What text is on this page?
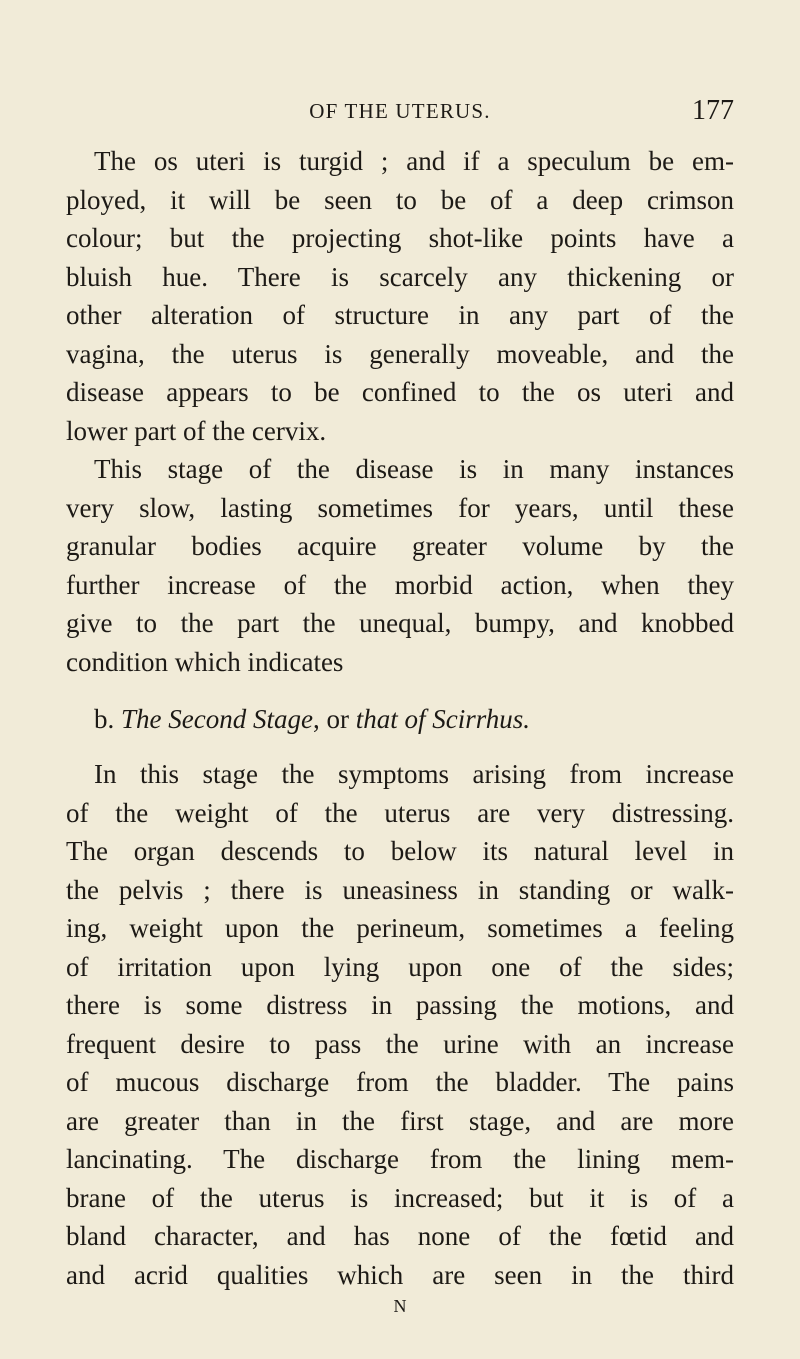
OF THE UTERUS.	177
The os uteri is turgid ; and if a speculum be em-
ployed, it will be seen to be of a deep crimson
colour; but the projecting shot-like points have a
bluish hue. There is scarcely any thickening or
other alteration of structure in any part of the
vagina, the uterus is generally moveable, and the
disease appears to be confined to the os uteri and
lower part of the cervix.
This stage of the disease is in many instances
very slow, lasting sometimes for years, until these
granular bodies acquire greater volume by the
further increase of the morbid action, when they
give to the part the unequal, bumpy, and knobbed
condition which indicates
b. The Second Stage, or that of Scirrhus.
In this stage the symptoms arising from increase
of the weight of the uterus are very distressing.
The organ descends to below its natural level in
the pelvis ; there is uneasiness in standing or walk-
ing, weight upon the perineum, sometimes a feeling
of irritation upon lying upon one of the sides;
there is some distress in passing the motions, and
frequent desire to pass the urine with an increase
of mucous discharge from the bladder. The pains
are greater than in the first stage, and are more
lancinating. The discharge from the lining mem-
brane of the uterus is increased; but it is of a
bland character, and has none of the fœtid and
and acrid qualities which are seen in the third
N
